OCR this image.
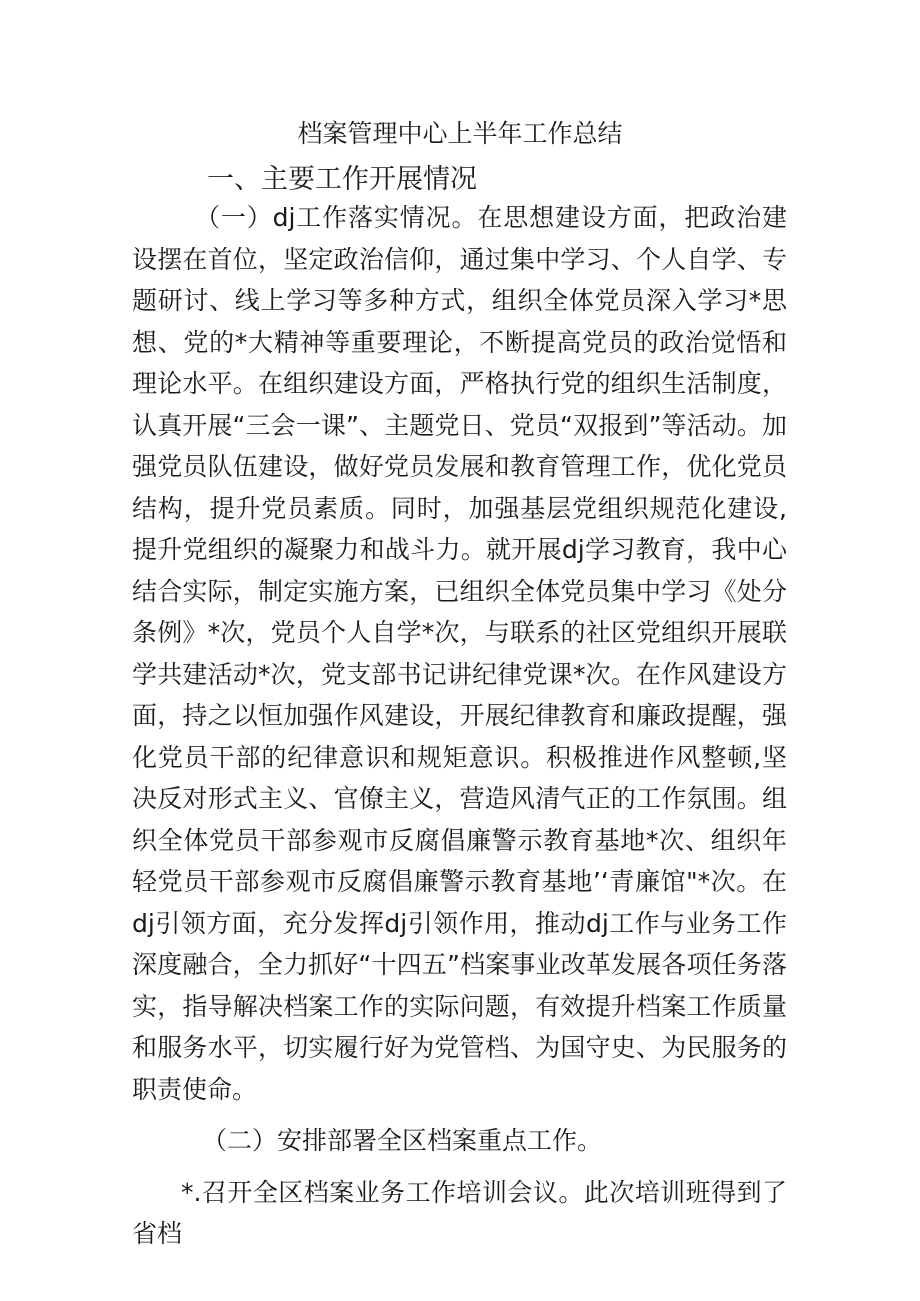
档案管理中心上半年工作总结
一、主要工作开展情况

（一）dj工作落实情况。在思想建设方面，把政治建设摆在首位，坚定政治信仰，通过集中学习、个人自学、专题研讨、线上学习等多种方式，组织全体党员深入学习*思想、党的*大精神等重要理论，不断提高党员的政治觉悟和理论水平。在组织建设方面，严格执行党的组织生活制度，认真开展“三会一课”、主题党日、党员“双报到”等活动。加强党员队伍建设，做好党员发展和教育管理工作，优化党员结构，提升党员素质。同时，加强基层党组织规范化建设,提升党组织的凝聚力和战斗力。就开展dj学习教育，我中心结合实际，制定实施方案，已组织全体党员集中学习《处分条例》*次，党员个人自学*次，与联系的社区党组织开展联学共建活动*次，党支部书记讲纪律党课*次。在作风建设方面，持之以恒加强作风建设，开展纪律教育和廉政提醒，强化党员干部的纪律意识和规矩意识。积极推进作风整顿,坚决反对形式主义、官僚主义，营造风清气正的工作氛围。组织全体党员干部参观市反腐倡廉警示教育基地*次、组织年轻党员干部参观市反腐倡廉警示教育基地’‘青廉馆"*次。在dj引领方面，充分发挥dj引领作用，推动dj工作与业务工作深度融合，全力抓好“十四五”档案事业改革发展各项任务落实，指导解决档案工作的实际问题，有效提升档案工作质量和服务水平，切实履行好为党管档、为国守史、为民服务的职责使命。

（二）安排部署全区档案重点工作。

*.召开全区档案业务工作培训会议。此次培训班得到了省档
